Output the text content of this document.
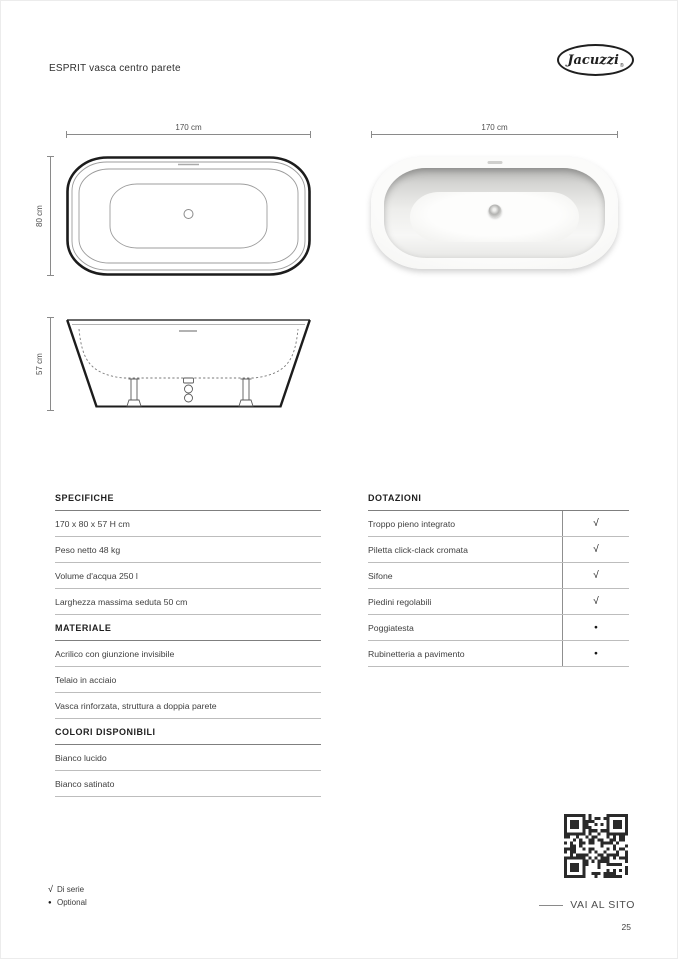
ESPRIT vasca centro parete
Jacuzzi ®
170 cm
80 cm
170 cm
57 cm
SPECIFICHE
170 x 80 x 57 H cm
Peso netto 48 kg
Volume d'acqua 250 l
Larghezza massima seduta 50 cm
MATERIALE
Acrilico con giunzione invisibile
Telaio in acciaio
Vasca rinforzata, struttura a doppia parete
COLORI DISPONIBILI
Bianco lucido
Bianco satinato
DOTAZIONI
Troppo pieno integrato	√
Piletta click-clack cromata	√
Sifone	√
Piedini regolabili	√
Poggiatesta	●
Rubinetteria a pavimento	●
√ Di serie
● Optional	VAI AL SITO
25
